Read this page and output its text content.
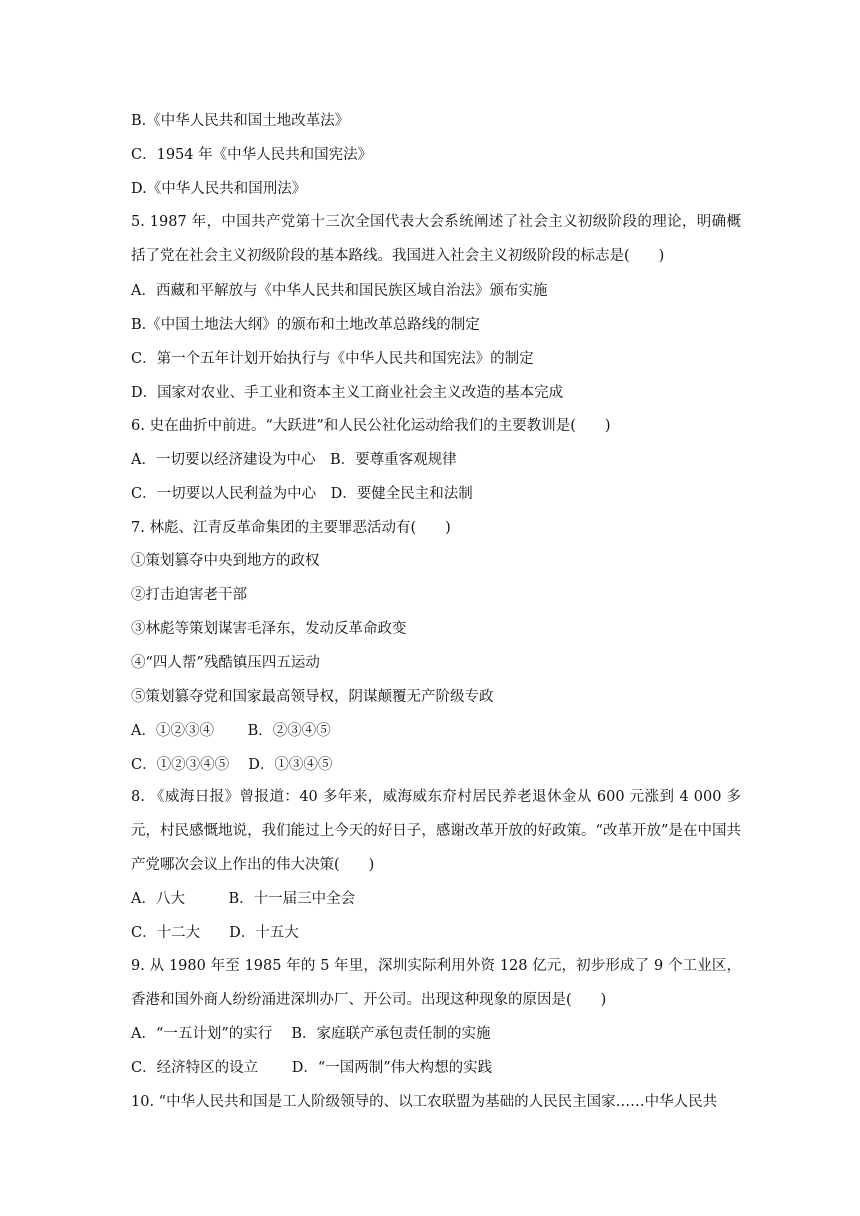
B.《中华人民共和国土地改革法》
C．1954 年《中华人民共和国宪法》
D.《中华人民共和国刑法》
5. 1987 年，中国共产党第十三次全国代表大会系统阐述了社会主义初级阶段的理论，明确概括了党在社会主义初级阶段的基本路线。我国进入社会主义初级阶段的标志是(　　)
A．西藏和平解放与《中华人民共和国民族区域自治法》颁布实施
B.《中国土地法大纲》的颁布和土地改革总路线的制定
C．第一个五年计划开始执行与《中华人民共和国宪法》的制定
D．国家对农业、手工业和资本主义工商业社会主义改造的基本完成
6. 史在曲折中前进。“大跃进”和人民公社化运动给我们的主要教训是(　　)
A．一切要以经济建设为中心　B．要尊重客观规律
C．一切要以人民利益为中心　D．要健全民主和法制
7. 林彪、江青反革命集团的主要罪恶活动有(　　)
①策划篡夺中央到地方的政权
②打击迫害老干部
③林彪等策划谋害毛泽东，发动反革命政变
④“四人帮”残酷镇压四五运动
⑤策划篡夺党和国家最高领导权，阴谋颠覆无产阶级专政
A．①②③④　　 B．②③④⑤
C．①②③④⑤　 D．①③④⑤
8. 《威海日报》曾报道：40 多年来，威海威东夼村居民养老退休金从 600 元涨到 4 000 多元，村民感慨地说，我们能过上今天的好日子，感谢改革开放的好政策。“改革开放”是在中国共产党哪次会议上作出的伟大决策(　　)
A．八大　　　B．十一届三中全会
C．十二大　　D．十五大
9. 从 1980 年至 1985 年的 5 年里，深圳实际利用外资 128 亿元，初步形成了 9 个工业区，香港和国外商人纷纷涌进深圳办厂、开公司。出现这种现象的原因是(　　)
A．“一五计划”的实行　 B．家庭联产承包责任制的实施
C．经济特区的设立　　 D．“一国两制”伟大构想的实践
10. “中华人民共和国是工人阶级领导的、以工农联盟为基础的人民民主国家……中华人民共
